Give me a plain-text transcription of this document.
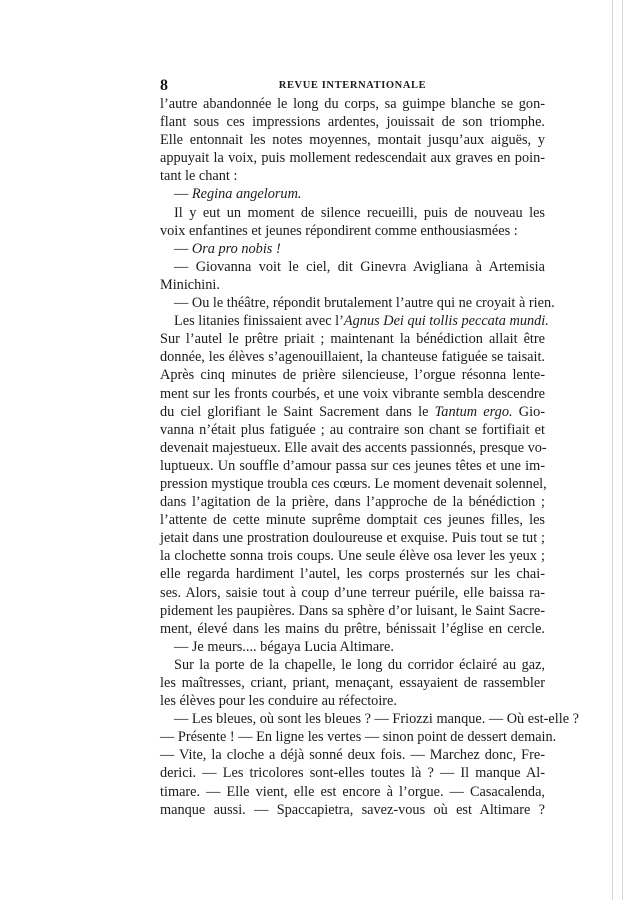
8	REVUE INTERNATIONALE
l’autre abandonnée le long du corps, sa guimpe blanche se gon-
flant sous ces impressions ardentes, jouissait de son triomphe.
Elle entonnait les notes moyennes, montait jusqu’aux aiguës, y
appuyait la voix, puis mollement redescendait aux graves en poin-
tant le chant :
— Regina angelorum.
Il y eut un moment de silence recueilli, puis de nouveau les
voix enfantines et jeunes répondirent comme enthousiasmées :
— Ora pro nobis !
— Giovanna voit le ciel, dit Ginevra Avigliana à Artemisia
Minichini.
— Ou le théâtre, répondit brutalement l’autre qui ne croyait à rien.
Les litanies finissaient avec l’Agnus Dei qui tollis peccata mundi.
Sur l’autel le prêtre priait ; maintenant la bénédiction allait être
donnée, les élèves s’agenouillaient, la chanteuse fatiguée se taisait.
Après cinq minutes de prière silencieuse, l’orgue résonna lente-
ment sur les fronts courbés, et une voix vibrante sembla descendre
du ciel glorifiant le Saint Sacrement dans le Tantum ergo. Gio-
vanna n’était plus fatiguée ; au contraire son chant se fortifiait et
devenait majestueux. Elle avait des accents passionnés, presque vo-
luptueux. Un souffle d’amour passa sur ces jeunes têtes et une im-
pression mystique troubla ces cœurs. Le moment devenait solennel,
dans l’agitation de la prière, dans l’approche de la bénédiction ;
l’attente de cette minute suprême domptait ces jeunes filles, les
jetait dans une prostration douloureuse et exquise. Puis tout se tut ;
la clochette sonna trois coups. Une seule élève osa lever les yeux ;
elle regarda hardiment l’autel, les corps prosternés sur les chai-
ses. Alors, saisie tout à coup d’une terreur puérile, elle baissa ra-
pidement les paupières. Dans sa sphère d’or luisant, le Saint Sacre-
ment, élevé dans les mains du prêtre, bénissait l’église en cercle.
— Je meurs.... bégaya Lucia Altimare.
Sur la porte de la chapelle, le long du corridor éclairé au gaz,
les maîtresses, criant, priant, menaçant, essayaient de rassembler
les élèves pour les conduire au réfectoire.
— Les bleues, où sont les bleues ? — Friozzi manque. — Où est-elle ?
— Présente ! — En ligne les vertes — sinon point de dessert demain.
— Vite, la cloche a déjà sonné deux fois. — Marchez donc, Fre-
derici. — Les tricolores sont-elles toutes là ? — Il manque Al-
timare. — Elle vient, elle est encore à l’orgue. — Casacalenda,
manque aussi. — Spaccapietra, savez-vous où est Altimare ?
